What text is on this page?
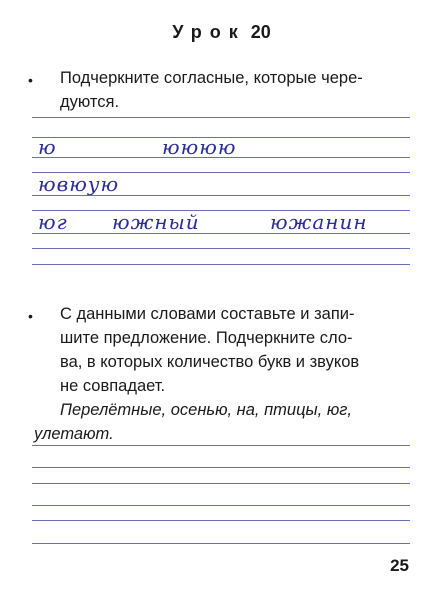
Урок 20
• Подчеркните согласные, которые чере-
дуются.
ю	юююю
ювюую
юг южный	южанин
• С данными словами составьте и запи-
шите предложение. Подчеркните сло-
ва, в которых количество букв и звуков
не совпадает.
Перелётные, осенью, на, птицы, юг,
улетают.
25
